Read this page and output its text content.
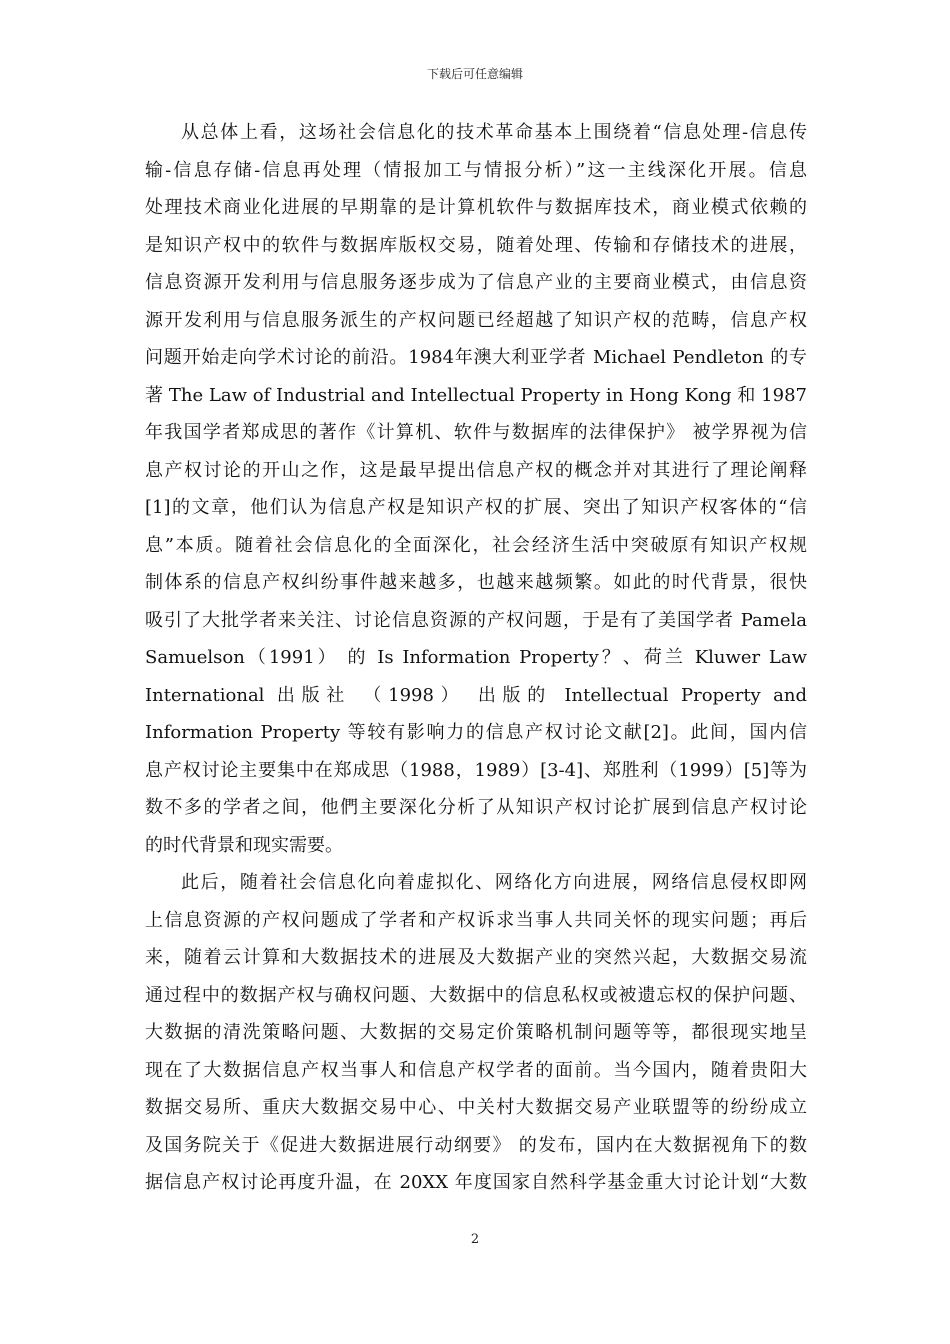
下载后可任意编辑
从总体上看，这场社会信息化的技术革命基本上围绕着“信息处理-信息传
输-信息存储-信息再处理（情报加工与情报分析）”这一主线深化开展。信息
处理技术商业化进展的早期靠的是计算机软件与数据库技术，商业模式依赖的
是知识产权中的软件与数据库版权交易，随着处理、传输和存储技术的进展，
信息资源开发利用与信息服务逐步成为了信息产业的主要商业模式，由信息资
源开发利用与信息服务派生的产权问题已经超越了知识产权的范畴，信息产权
问题开始走向学术讨论的前沿。1984年澳大利亚学者 Michael Pendleton 的专
著 The Law of Industrial and Intellectual Property in Hong Kong 和 1987
年我国学者郑成思的著作《计算机、软件与数据库的法律保护》 被学界视为信
息产权讨论的开山之作，这是最早提出信息产权的概念并对其进行了理论阐释
[1]的文章，他们认为信息产权是知识产权的扩展、突出了知识产权客体的“信
息”本质。随着社会信息化的全面深化，社会经济生活中突破原有知识产权规
制体系的信息产权纠纷事件越来越多，也越来越频繁。如此的时代背景，很快
吸引了大批学者来关注、讨论信息资源的产权问题，于是有了美国学者 Pamela
Samuelson（1991） 的 Is Information Property？、荷兰 Kluwer Law
International 出版社 （1998） 出版的 Intellectual Property and
Information Property 等较有影响力的信息产权讨论文献[2]。此间，国内信
息产权讨论主要集中在郑成思（1988，1989）[3-4]、郑胜利（1999）[5]等为
数不多的学者之间，他們主要深化分析了从知识产权讨论扩展到信息产权讨论
的时代背景和现实需要。
此后，随着社会信息化向着虚拟化、网络化方向进展，网络信息侵权即网
上信息资源的产权问题成了学者和产权诉求当事人共同关怀的现实问题；再后
来，随着云计算和大数据技术的进展及大数据产业的突然兴起，大数据交易流
通过程中的数据产权与确权问题、大数据中的信息私权或被遗忘权的保护问题、
大数据的清洗策略问题、大数据的交易定价策略机制问题等等，都很现实地呈
现在了大数据信息产权当事人和信息产权学者的面前。当今国内，随着贵阳大
数据交易所、重庆大数据交易中心、中关村大数据交易产业联盟等的纷纷成立
及国务院关于《促进大数据进展行动纲要》 的发布，国内在大数据视角下的数
据信息产权讨论再度升温，在 20XX 年度国家自然科学基金重大讨论计划“大数
2
